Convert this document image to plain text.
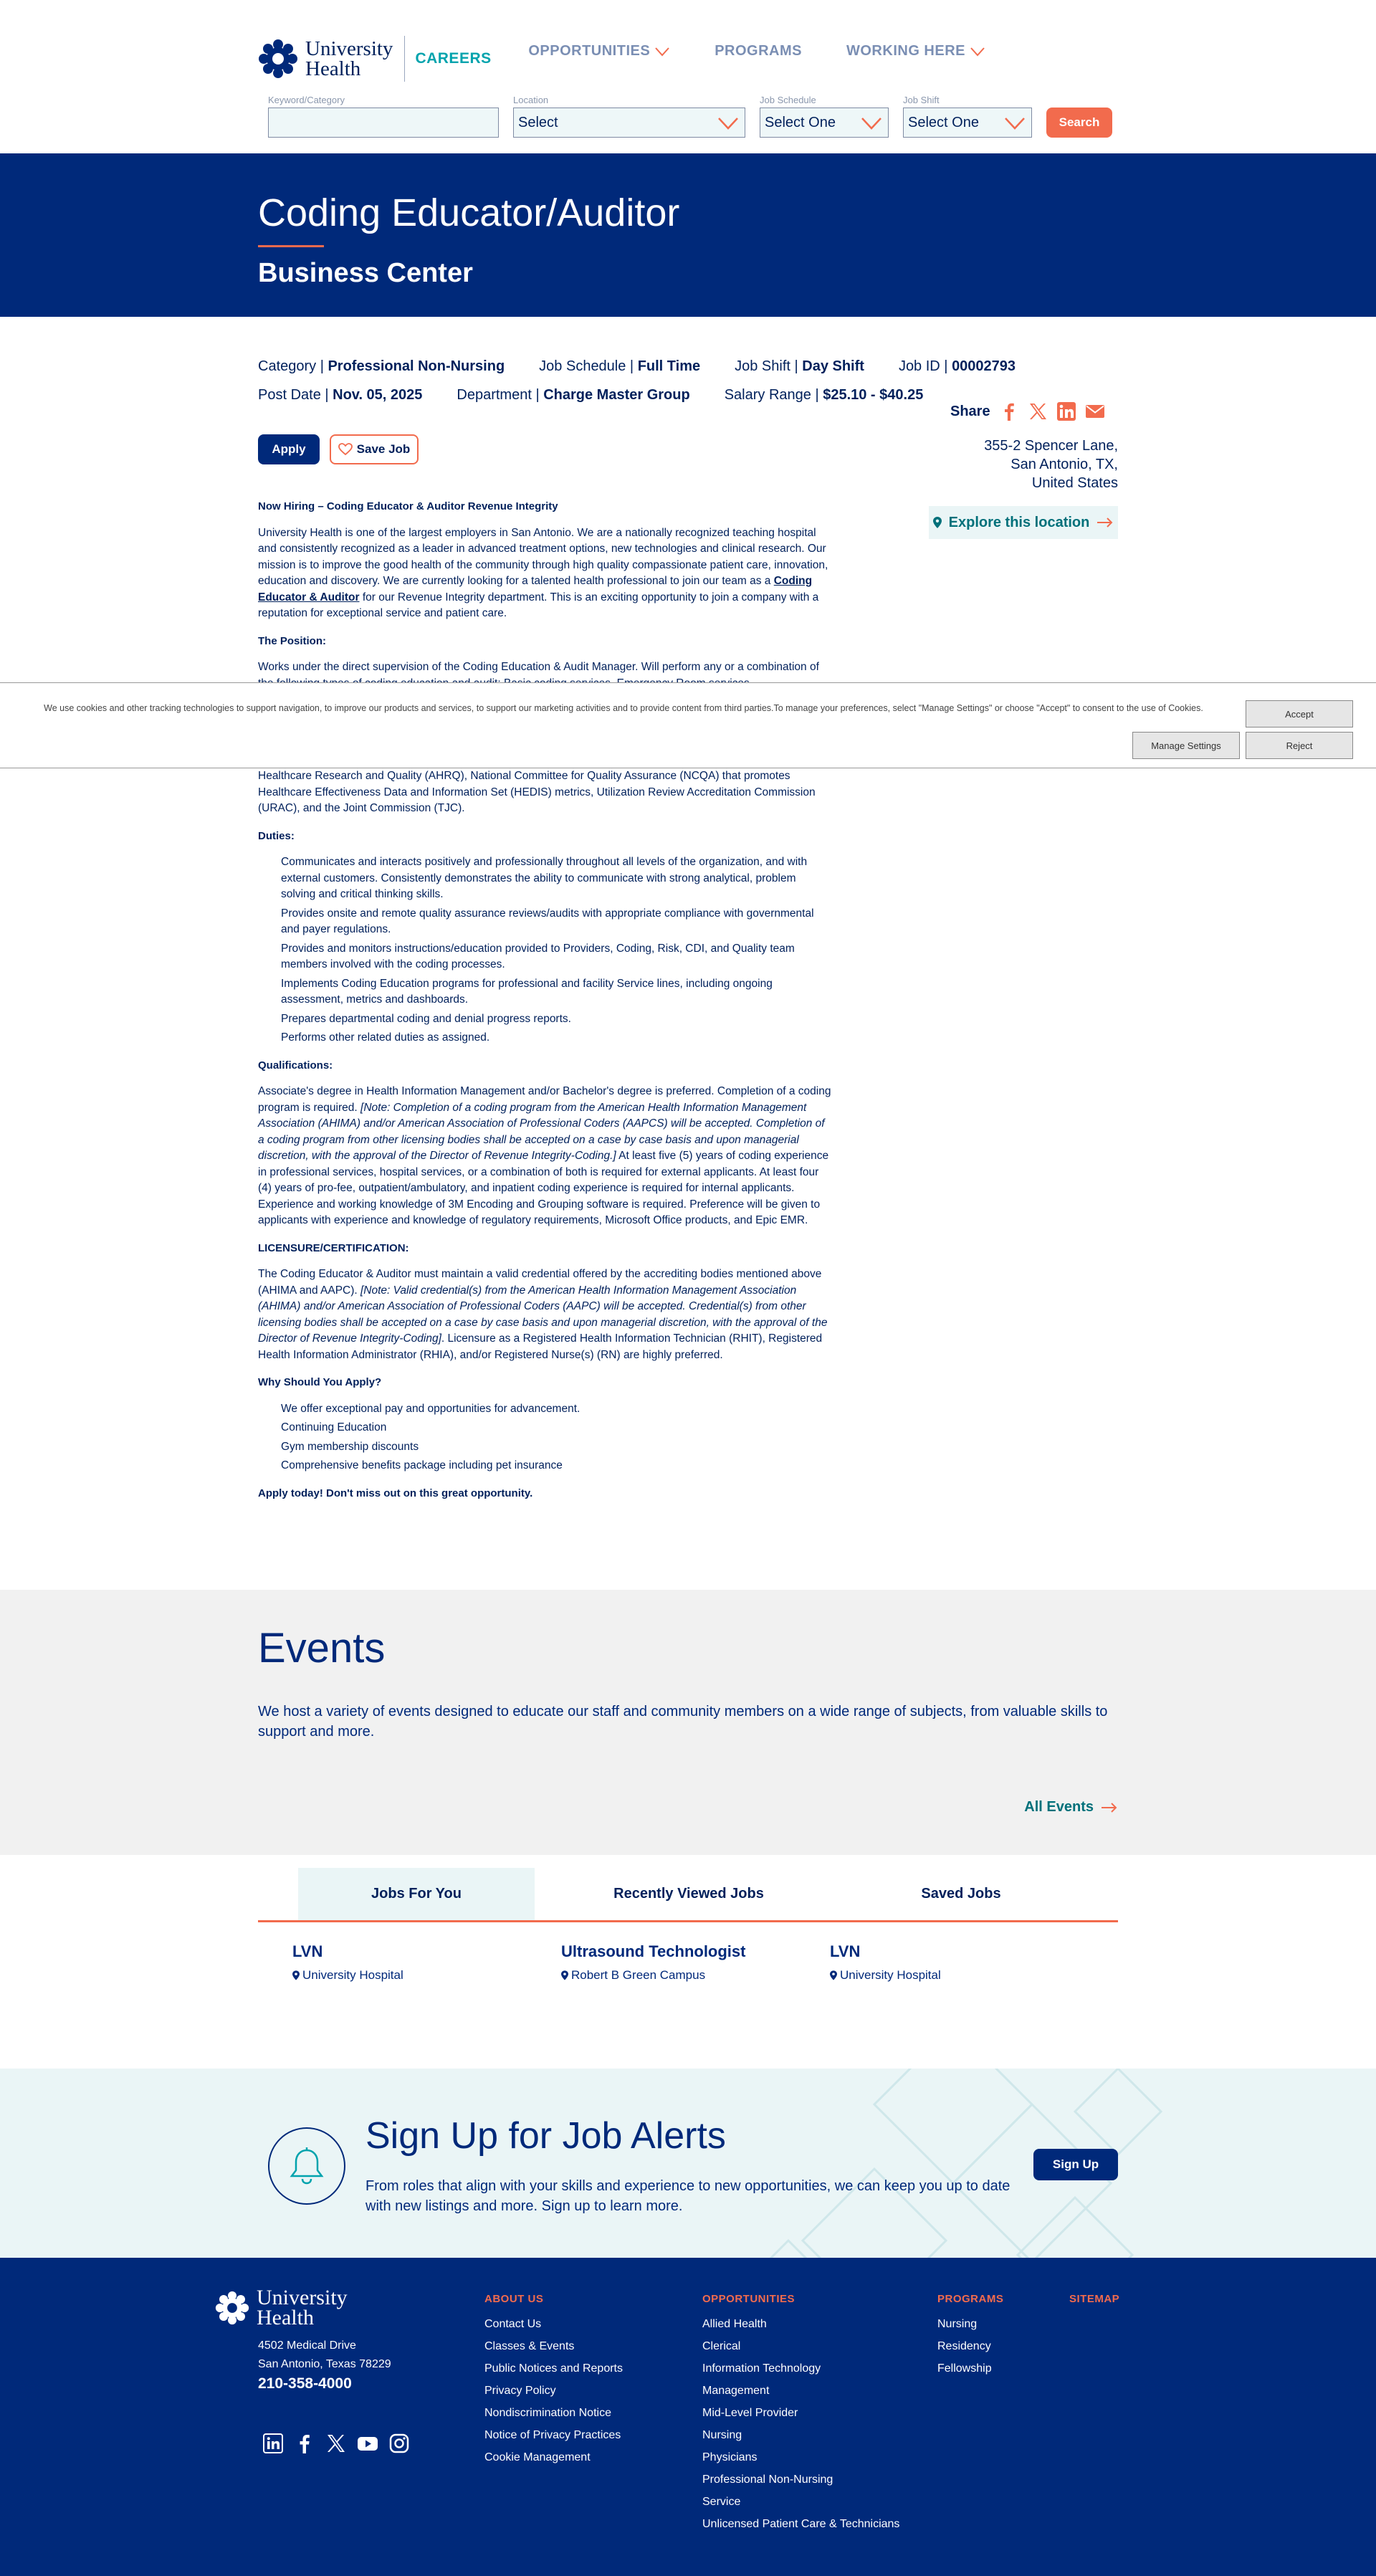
University
Health	CAREERS	OPPORTUNITIES	PROGRAMS	WORKING HERE
Keyword/Category	Location
Select
Job Schedule
Select One
Job Shift
Select One	Search
Coding Educator/Auditor
Business Center
Category | Professional Non-Nursing Job Schedule | Full Time Job Shift | Day Shift Job ID | 00002793
Post Date | Nov. 05, 2025 Department | Charge Master Group Salary Range | $25.10 - $40.25
Apply	Save Job
Share
355-2 Spencer Lane,
San Antonio, TX,
United States
Explore this location
Now Hiring – Coding Educator & Auditor Revenue Integrity

University Health is one of the largest employers in San Antonio. We are a nationally recognized teaching hospital and consistently recognized as a leader in advanced treatment options, new technologies and clinical research. Our mission is to improve the good health of the community through high quality compassionate patient care, innovation, education and discovery. We are currently looking for a talented health professional to join our team as a Coding Educator & Auditor for our Revenue Integrity department. This is an exciting opportunity to join a company with a reputation for exceptional service and patient care.

The Position:

Works under the direct supervision of the Coding Education & Audit Manager. Will perform any or a combination of

Healthcare Research and Quality (AHRQ), National Committee for Quality Assurance (NCQA) that promotes Healthcare Effectiveness Data and Information Set (HEDIS) metrics, Utilization Review Accreditation Commission (URAC), and the Joint Commission (TJC).

Duties:
Communicates and interacts positively and professionally throughout all levels of the organization, and with external customers. Consistently demonstrates the ability to communicate with strong analytical, problem solving and critical thinking skills.
Provides onsite and remote quality assurance reviews/audits with appropriate compliance with governmental and payer regulations.
Provides and monitors instructions/education provided to Providers, Coding, Risk, CDI, and Quality team members involved with the coding processes.
Implements Coding Education programs for professional and facility Service lines, including ongoing assessment, metrics and dashboards.
Prepares departmental coding and denial progress reports.
Performs other related duties as assigned.
Qualifications:

Associate's degree in Health Information Management and/or Bachelor's degree is preferred. Completion of a coding program is required. [Note: Completion of a coding program from the American Health Information Management Association (AHIMA) and/or American Association of Professional Coders (AAPCS) will be accepted. Completion of a coding program from other licensing bodies shall be accepted on a case by case basis and upon managerial discretion, with the approval of the Director of Revenue Integrity-Coding.] At least five (5) years of coding experience in professional services, hospital services, or a combination of both is required for external applicants. At least four (4) years of pro-fee, outpatient/ambulatory, and inpatient coding experience is required for internal applicants. Experience and working knowledge of 3M Encoding and Grouping software is required. Preference will be given to applicants with experience and knowledge of regulatory requirements, Microsoft Office products, and Epic EMR.

LICENSURE/CERTIFICATION:

The Coding Educator & Auditor must maintain a valid credential offered by the accrediting bodies mentioned above (AHIMA and AAPC). [Note: Valid credential(s) from the American Health Information Management Association (AHIMA) and/or American Association of Professional Coders (AAPC) will be accepted. Credential(s) from other licensing bodies shall be accepted on a case by case basis and upon managerial discretion, with the approval of the Director of Revenue Integrity-Coding]. Licensure as a Registered Health Information Technician (RHIT), Registered Health Information Administrator (RHIA), and/or Registered Nurse(s) (RN) are highly preferred.

Why Should You Apply?
We offer exceptional pay and opportunities for advancement.
Continuing Education
Gym membership discounts
Comprehensive benefits package including pet insurance
Apply today! Don't miss out on this great opportunity.
We use cookies and other tracking technologies to support navigation, to improve our products and services, to support our marketing activities and to provide content from third parties.To manage your preferences, select "Manage Settings" or choose "Accept" to consent to the use of Cookies.
Accept
Manage Settings	Reject
Events

We host a variety of events designed to educate our staff and community members on a wide range of subjects, from valuable skills to support and more.

All Events
Jobs For You	Recently Viewed Jobs	Saved Jobs
LVN
University Hospital
Ultrasound Technologist
Robert B Green Campus
LVN
University Hospital
Sign Up for Job Alerts

From roles that align with your skills and experience to new opportunities, we can keep you up to date with new listings and more. Sign up to learn more.

Sign Up
University
Health
4502 Medical Drive
San Antonio, Texas 78229
210-358-4000
ABOUT US
Contact Us
Classes & Events
Public Notices and Reports
Privacy Policy
Nondiscrimination Notice
Notice of Privacy Practices
Cookie Management
OPPORTUNITIES
Allied Health
Clerical
Information Technology
Management
Mid-Level Provider
Nursing
Physicians
Professional Non-Nursing
Service
Unlicensed Patient Care & Technicians
PROGRAMS
Nursing
Residency
Fellowship
SITEMAP
